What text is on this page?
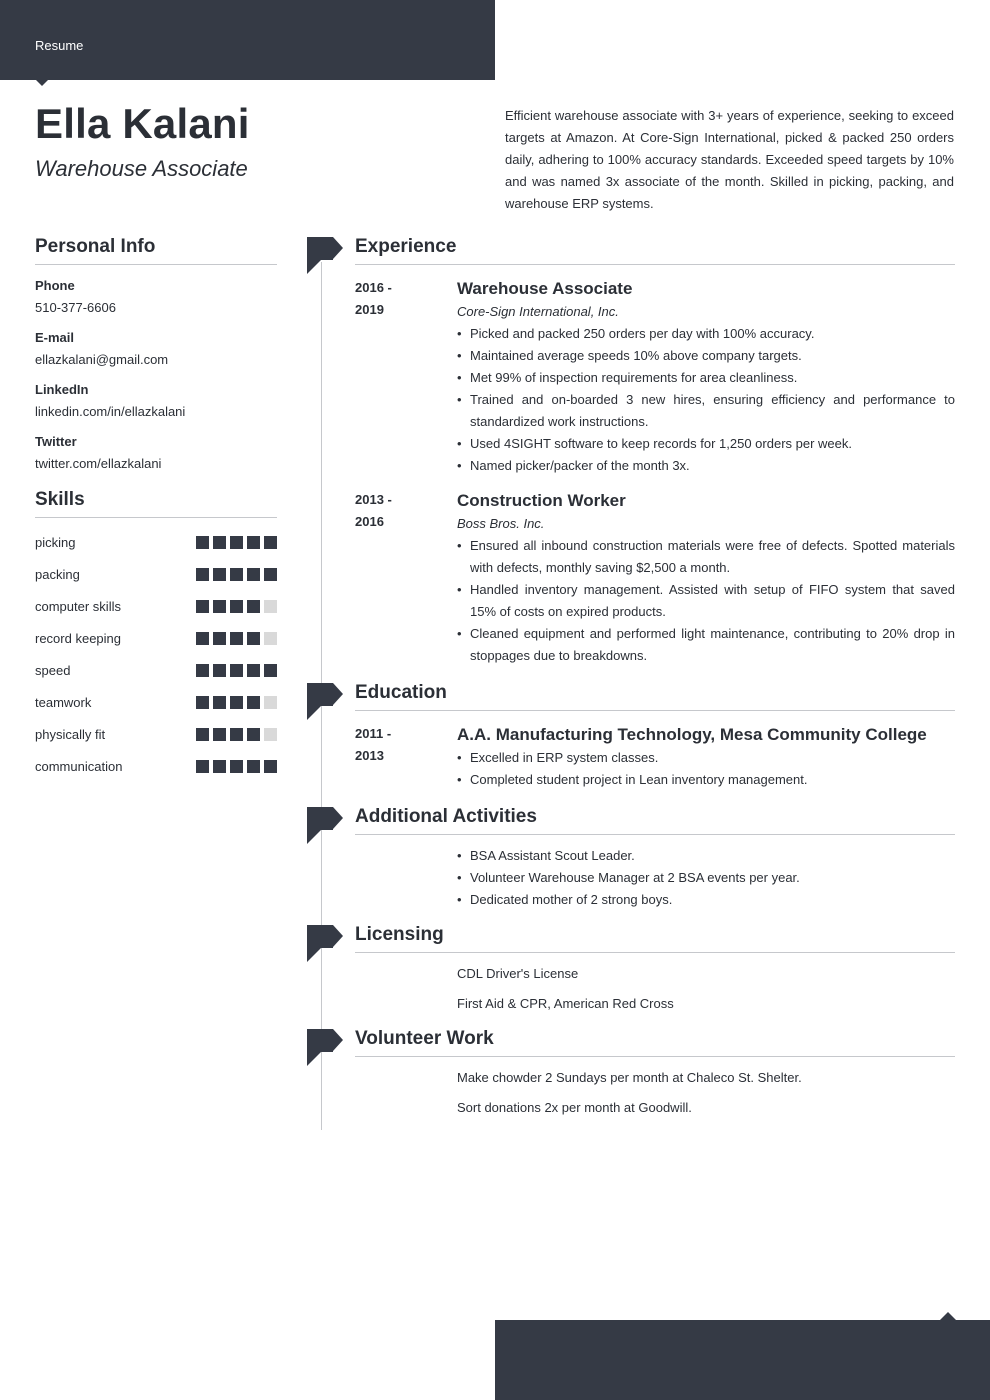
Resume
Ella Kalani
Warehouse Associate

Efficient warehouse associate with 3+ years of experience, seeking to exceed targets at Amazon. At Core-Sign International, picked & packed 250 orders daily, adhering to 100% accuracy standards. Exceeded speed targets by 10% and was named 3x associate of the month. Skilled in picking, packing, and warehouse ERP systems.

Personal Info
Phone
510-377-6606
E-mail
ellazkalani@gmail.com
LinkedIn
linkedin.com/in/ellazkalani
Twitter
twitter.com/ellazkalani
Skills
picking
packing
computer skills
record keeping
speed
teamwork
physically fit
communication
Experience
2016 -
2019
Warehouse Associate
Core-Sign International, Inc.
• Picked and packed 250 orders per day with 100% accuracy.
• Maintained average speeds 10% above company targets.
• Met 99% of inspection requirements for area cleanliness.
• Trained and on-boarded 3 new hires, ensuring efficiency and performance to standardized work instructions.
• Used 4SIGHT software to keep records for 1,250 orders per week.
• Named picker/packer of the month 3x.
2013 -
2016
Construction Worker
Boss Bros. Inc.
• Ensured all inbound construction materials were free of defects. Spotted materials with defects, monthly saving $2,500 a month.
• Handled inventory management. Assisted with setup of FIFO system that saved 15% of costs on expired products.
• Cleaned equipment and performed light maintenance, contributing to 20% drop in stoppages due to breakdowns.
Education
2011 -
2013
A.A. Manufacturing Technology, Mesa Community College
• Excelled in ERP system classes.
• Completed student project in Lean inventory management.
Additional Activities
• BSA Assistant Scout Leader.
• Volunteer Warehouse Manager at 2 BSA events per year.
• Dedicated mother of 2 strong boys.
Licensing
CDL Driver's License
First Aid & CPR, American Red Cross
Volunteer Work
Make chowder 2 Sundays per month at Chaleco St. Shelter.
Sort donations 2x per month at Goodwill.
